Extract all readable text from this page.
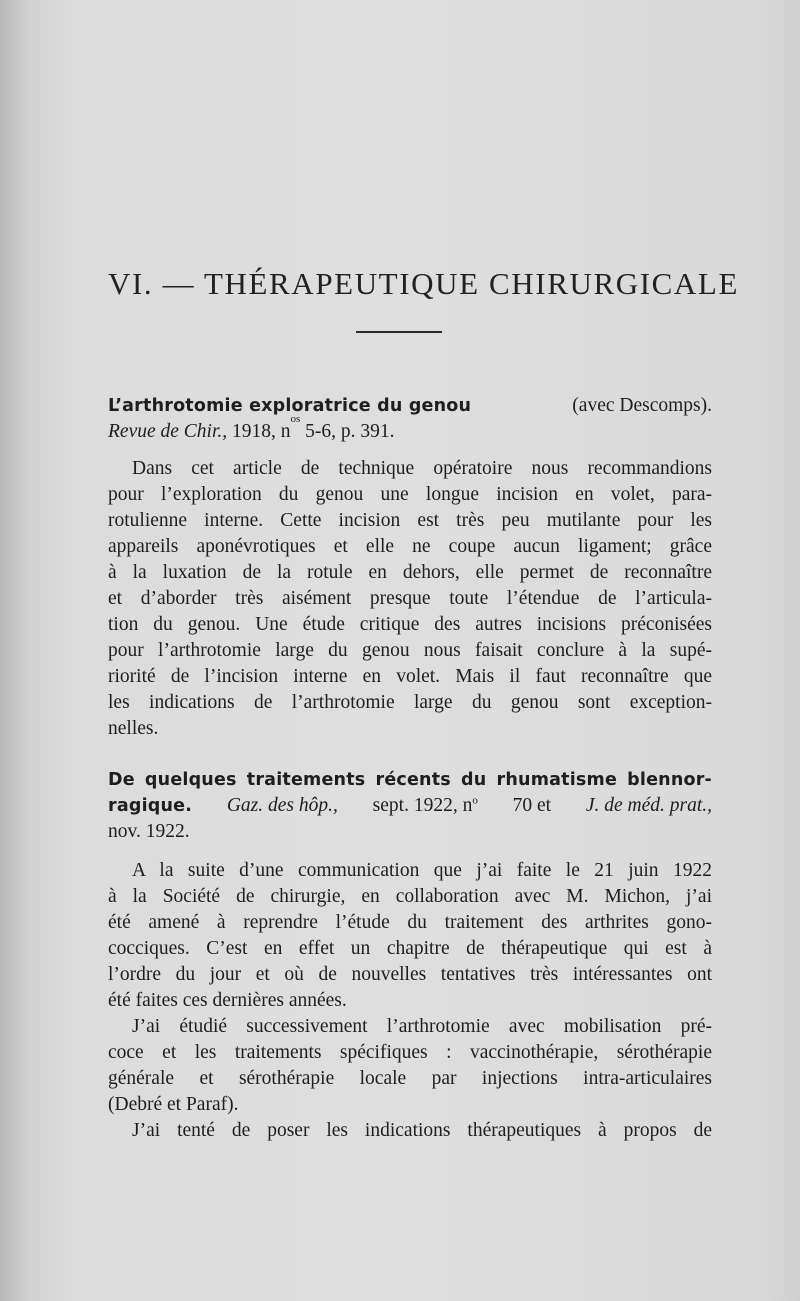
VI. — THÉRAPEUTIQUE CHIRURGICALE
L’arthrotomie exploratrice du genou	(avec Descomps).
Revue de Chir.,
1918, n
os

5-6, p. 391.
Dans cet article de technique opératoire nous recommandions
pour l’exploration du genou une longue incision en volet, para-
rotulienne interne. Cette incision est très peu mutilante pour les
appareils aponévrotiques et elle ne coupe aucun ligament; grâce
à la luxation de la rotule en dehors, elle permet de reconnaître
et d’aborder très aisément presque toute l’étendue de l’articula-
tion du genou. Une étude critique des autres incisions préconisées
pour l’arthrotomie large du genou nous faisait conclure à la supé-
riorité de l’incision interne en volet. Mais il faut reconnaître que
les indications de l’arthrotomie large du genou sont exception-
nelles.
De quelques traitements récents du rhumatisme blennor-
ragique. Gaz. des hôp., sept. 1922, $n^o$ 70 et J. de méd. prat.,
nov. 1922.
A la suite d’une communication que j’ai faite le 21 juin 1922
à la Société de chirurgie, en collaboration avec M. Michon, j’ai
été amené à reprendre l’étude du traitement des arthrites gono-
cocciques. C’est en effet un chapitre de thérapeutique qui est à
l’ordre du jour et où de nouvelles tentatives très intéressantes ont
été faites ces dernières années.
J’ai étudié successivement l’arthrotomie avec mobilisation pré-
coce et les traitements spécifiques : vaccinothérapie, sérothérapie
générale et sérothérapie locale par injections intra-articulaires
(Debré et Paraf).
J’ai tenté de poser les indications thérapeutiques à propos de
